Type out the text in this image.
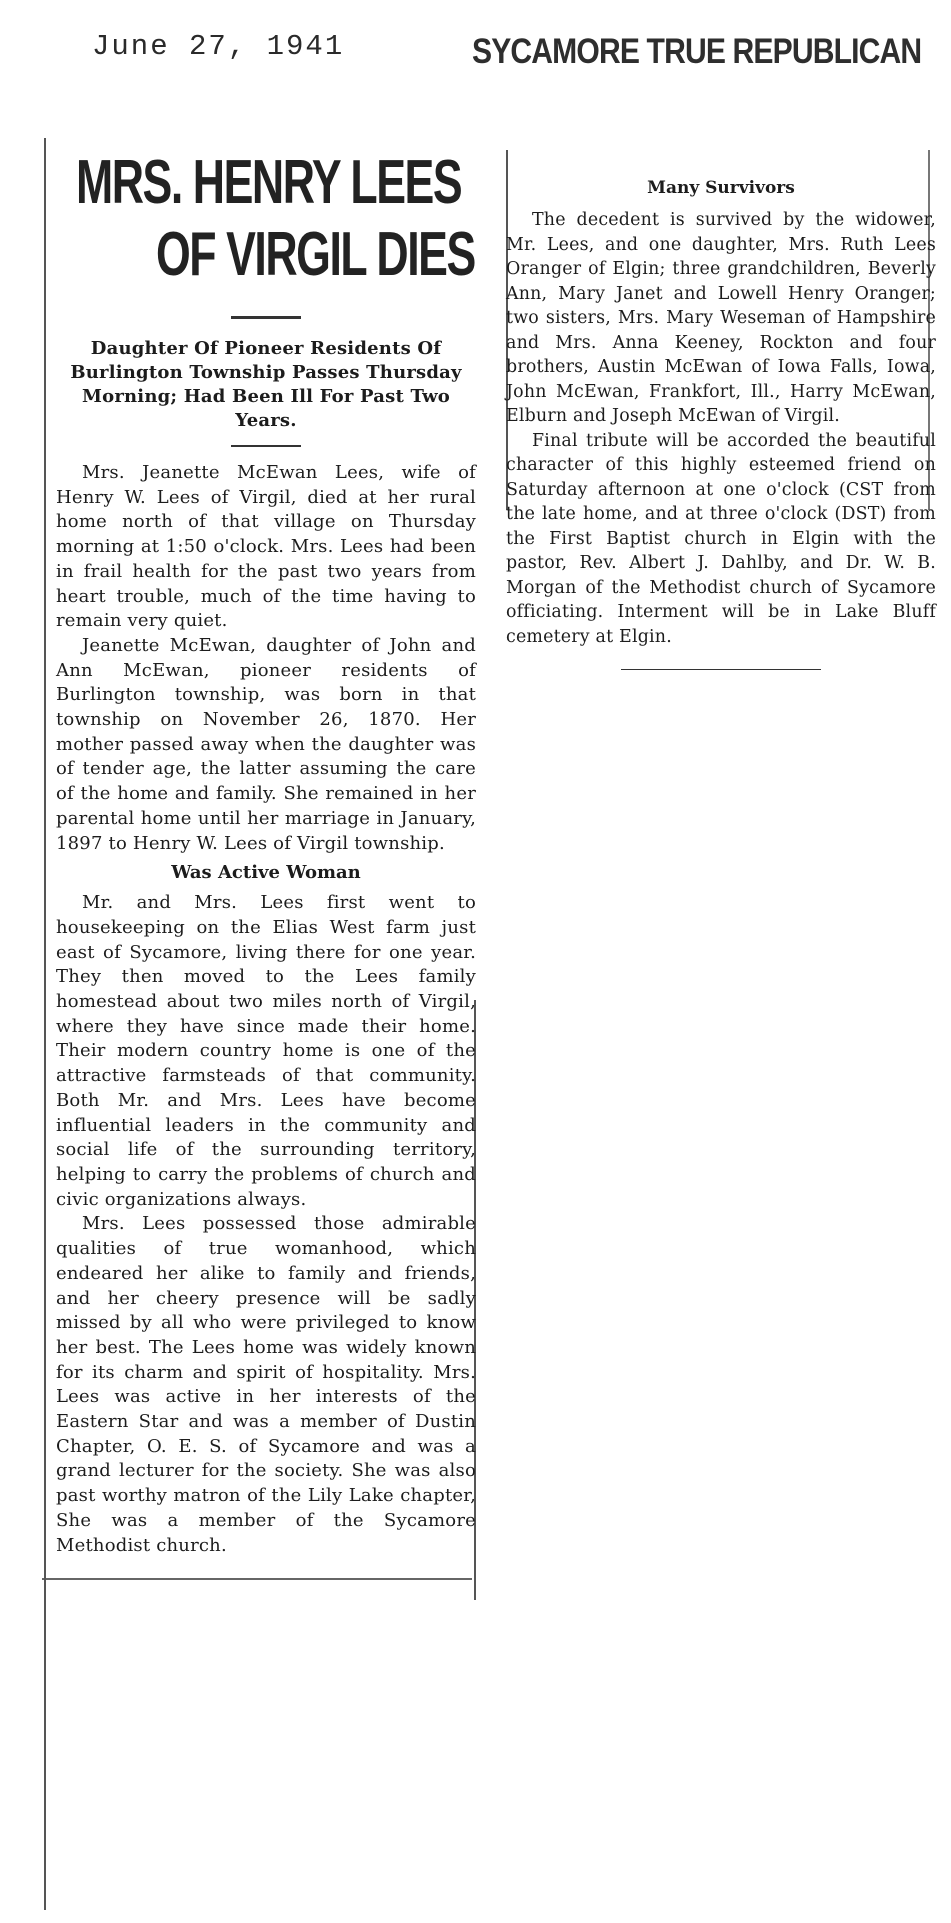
June 27, 1941	SYCAMORE TRUE REPUBLICAN
MRS. HENRY LEES
OF VIRGIL DIES
Daughter Of Pioneer Residents Of Burlington Township Passes Thursday Morning; Had Been Ill For Past Two Years.

Mrs. Jeanette McEwan Lees, wife of Henry W. Lees of Virgil, died at her rural home north of that village on Thursday morning at 1:50 o'clock. Mrs. Lees had been in frail health for the past two years from heart trouble, much of the time having to remain very quiet.

Jeanette McEwan, daughter of John and Ann McEwan, pioneer residents of Burlington township, was born in that township on November 26, 1870. Her mother passed away when the daughter was of tender age, the latter assuming the care of the home and family. She remained in her parental home until her marriage in January, 1897 to Henry W. Lees of Virgil township.

Was Active Woman

Mr. and Mrs. Lees first went to housekeeping on the Elias West farm just east of Sycamore, living there for one year. They then moved to the Lees family homestead about two miles north of Virgil, where they have since made their home. Their modern country home is one of the attractive farmsteads of that community. Both Mr. and Mrs. Lees have become influential leaders in the community and social life of the surrounding territory, helping to carry the problems of church and civic organizations always.

Mrs. Lees possessed those admirable qualities of true womanhood, which endeared her alike to family and friends, and her cheery presence will be sadly missed by all who were privileged to know her best. The Lees home was widely known for its charm and spirit of hospitality. Mrs. Lees was active in her interests of the Eastern Star and was a member of Dustin Chapter, O. E. S. of Sycamore and was a grand lecturer for the society. She was also past worthy matron of the Lily Lake chapter, She was a member of the Sycamore Methodist church.

Many Survivors

The decedent is survived by the widower, Mr. Lees, and one daughter, Mrs. Ruth Lees Oranger of Elgin; three grandchildren, Beverly Ann, Mary Janet and Lowell Henry Oranger; two sisters, Mrs. Mary Weseman of Hampshire and Mrs. Anna Keeney, Rockton and four brothers, Austin McEwan of Iowa Falls, Iowa, John McEwan, Frankfort, Ill., Harry McEwan, Elburn and Joseph McEwan of Virgil.

Final tribute will be accorded the beautiful character of this highly esteemed friend on Saturday afternoon at one o'clock (CST from the late home, and at three o'clock (DST) from the First Baptist church in Elgin with the pastor, Rev. Albert J. Dahlby, and Dr. W. B. Morgan of the Methodist church of Sycamore officiating. Interment will be in Lake Bluff cemetery at Elgin.
